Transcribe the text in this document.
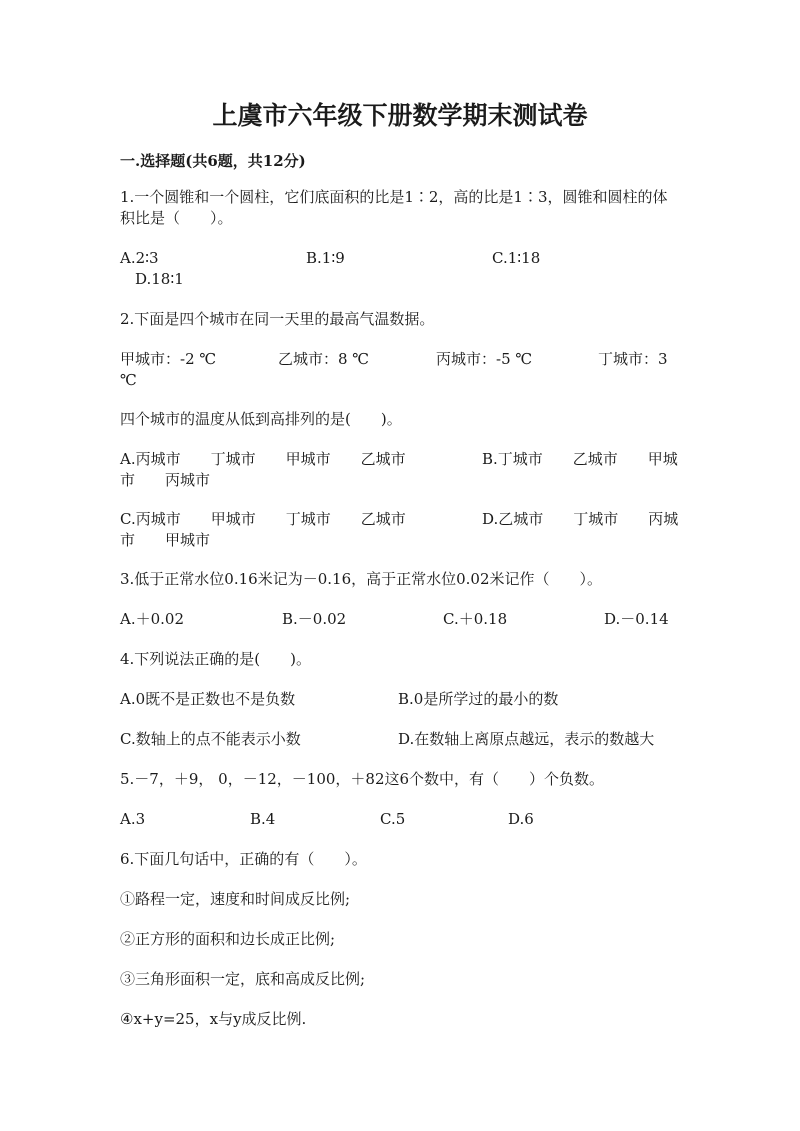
上虞市六年级下册数学期末测试卷
一.选择题(共6题，共12分)
1.一个圆锥和一个圆柱，它们底面积的比是1∶2，高的比是1∶3，圆锥和圆柱的体积比是（　　）。
A.2∶3	B.1∶9	C.1∶18
D.18∶1
2.下面是四个城市在同一天里的最高气温数据。
甲城市：-2 ℃	乙城市：8 ℃	丙城市：-5 ℃	丁城市：3
℃
四个城市的温度从低到高排列的是(　　)。
A.丙城市　　丁城市　　甲城市　　乙城市	B.丁城市　　乙城市　　甲城
市　　丙城市
C.丙城市　　甲城市　　丁城市　　乙城市	D.乙城市　　丁城市　　丙城
市　　甲城市
3.低于正常水位0.16米记为－0.16，高于正常水位0.02米记作（　　）。
A.＋0.02	B.－0.02	C.＋0.18	D.－0.14
4.下列说法正确的是(　　)。
A.0既不是正数也不是负数	B.0是所学过的最小的数
C.数轴上的点不能表示小数	D.在数轴上离原点越远，表示的数越大
5.－7，＋9， 0，－12，－100，＋82这6个数中，有（　　）个负数。
A.3	B.4	C.5	D.6
6.下面几句话中，正确的有（　　）。
①路程一定，速度和时间成反比例;
②正方形的面积和边长成正比例;
③三角形面积一定，底和高成反比例;
④x+y=25，x与y成反比例.
